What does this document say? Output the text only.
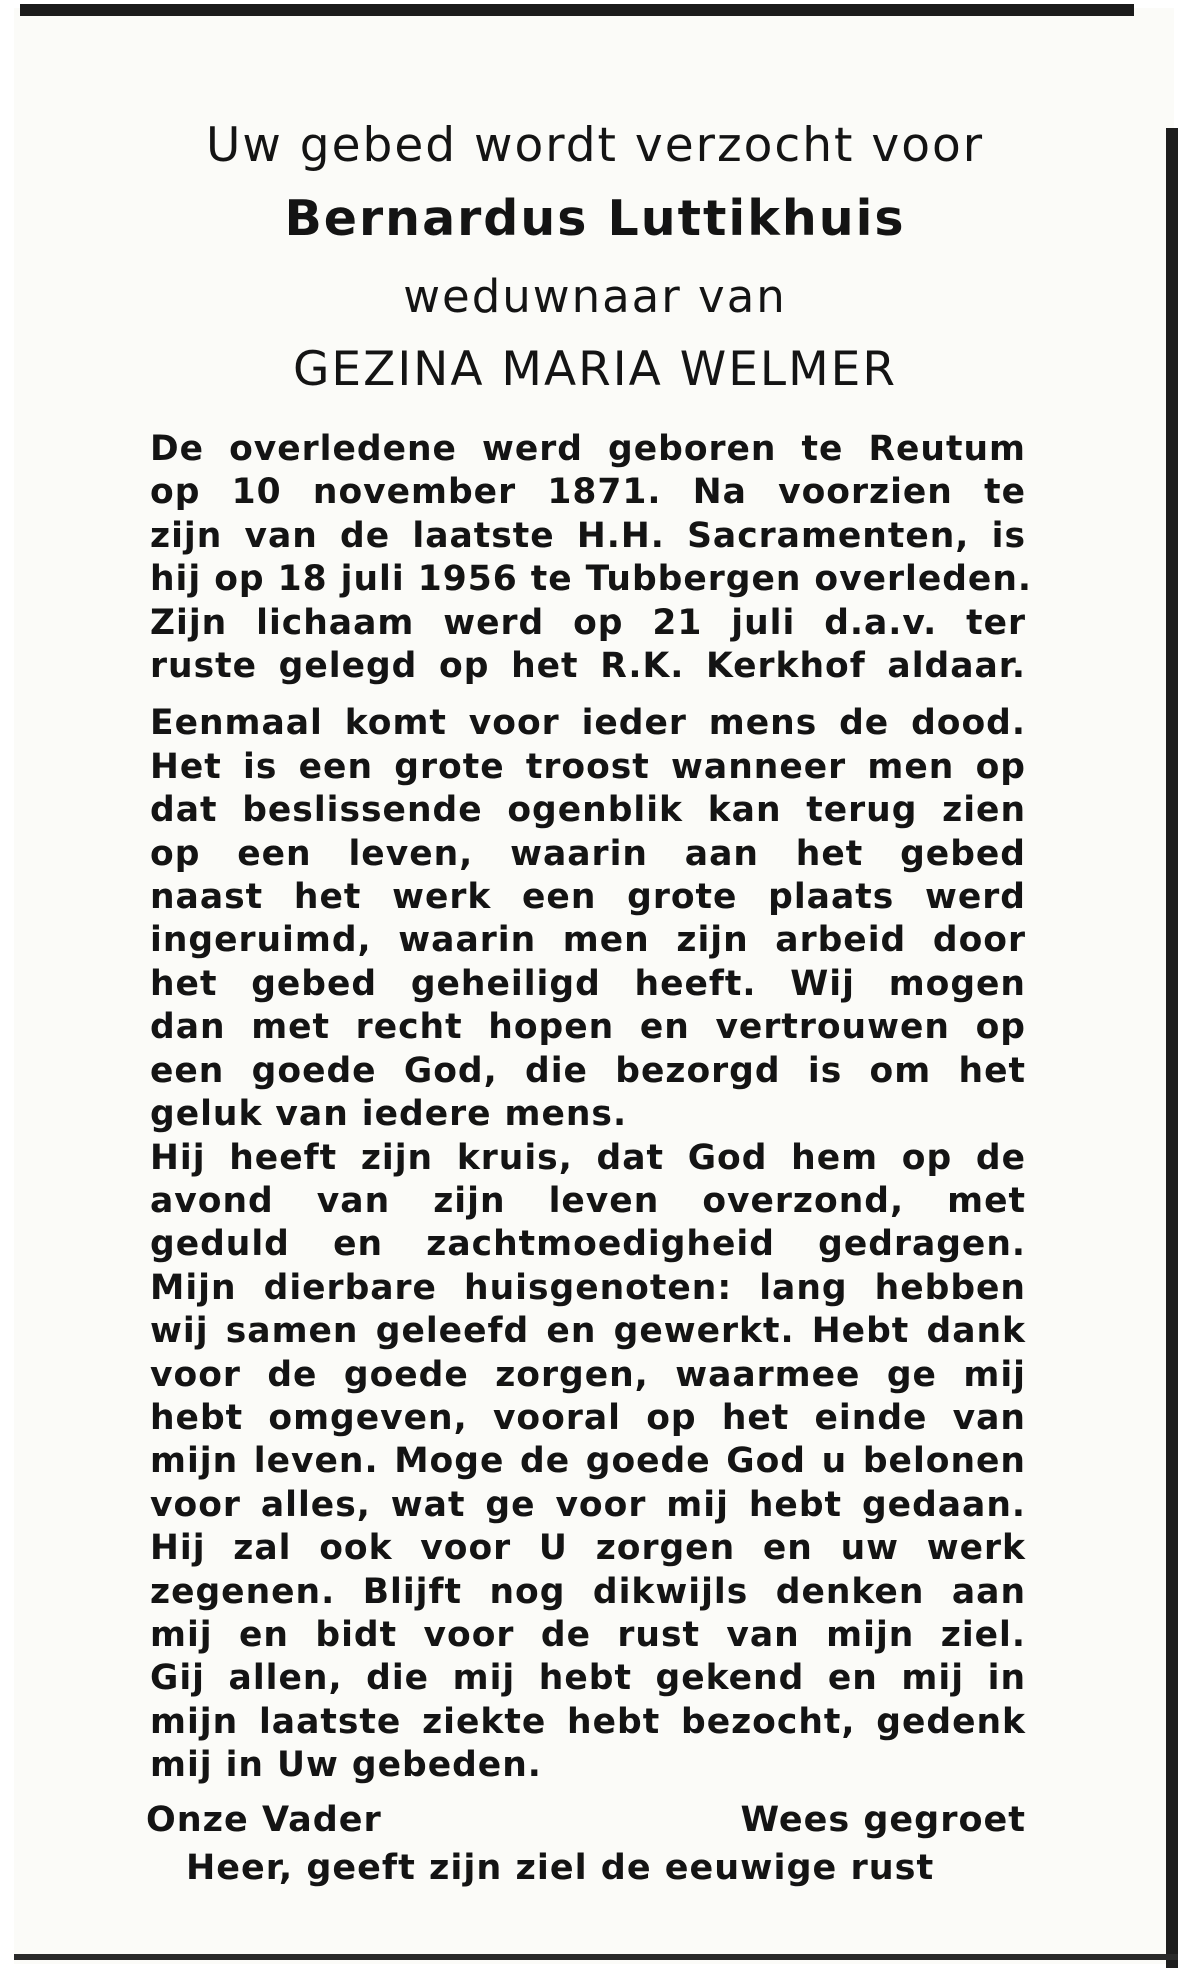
Uw gebed wordt verzocht voor
Bernardus Luttikhuis
weduwnaar van
GEZINA MARIA WELMER
De overledene werd geboren te Reutum
op 10 november 1871. Na voorzien te
zijn van de laatste H.H. Sacramenten, is
hij op 18 juli 1956 te Tubbergen overleden.
Zijn lichaam werd op 21 juli d.a.v. ter
ruste gelegd op het R.K. Kerkhof aldaar.
Eenmaal komt voor ieder mens de dood.
Het is een grote troost wanneer men op
dat beslissende ogenblik kan terug zien
op een leven, waarin aan het gebed
naast het werk een grote plaats werd
ingeruimd, waarin men zijn arbeid door
het gebed geheiligd heeft. Wij mogen
dan met recht hopen en vertrouwen op
een goede God, die bezorgd is om het
geluk van iedere mens.
Hij heeft zijn kruis, dat God hem op de
avond van zijn leven overzond, met
geduld en zachtmoedigheid gedragen.
Mijn dierbare huisgenoten: lang hebben
wij samen geleefd en gewerkt. Hebt dank
voor de goede zorgen, waarmee ge mij
hebt omgeven, vooral op het einde van
mijn leven. Moge de goede God u belonen
voor alles, wat ge voor mij hebt gedaan.
Hij zal ook voor U zorgen en uw werk
zegenen. Blijft nog dikwijls denken aan
mij en bidt voor de rust van mijn ziel.
Gij allen, die mij hebt gekend en mij in
mijn laatste ziekte hebt bezocht, gedenk
mij in Uw gebeden.
Onze Vader	Wees gegroet
Heer, geeft zijn ziel de eeuwige rust
